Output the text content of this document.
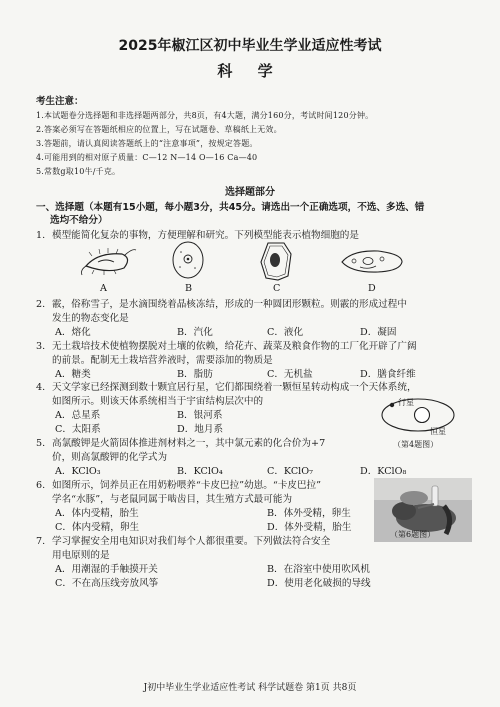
2025年椒江区初中毕业生学业适应性考试
科 学
考生注意：
1.本试题卷分选择题和非选择题两部分，共8页，有4大题，满分160分，考试时间120分钟。
2.答案必须写在答题纸相应的位置上，写在试题卷、草稿纸上无效。
3.答题前，请认真阅读答题纸上的“注意事项”，按规定答题。
4.可能用到的相对原子质量：C—12 N—14 O—16 Ca—40
5.常数g取10牛/千克。
选择题部分
一、选择题（本题有15小题，每小题3分，共45分。请选出一个正确选项，不选、多选、错
选均不给分）
1. 模型能简化复杂的事物，方便理解和研究。下列模型能表示植物细胞的是
A	B	C	D
2. 霰，俗称雪子，是水滴围绕着晶核冻结，形成的一种圆团形颗粒。则霰的形成过程中
发生的物态变化是
A．熔化	B．汽化	C．液化	D．凝固
3. 无土栽培技术使植物摆脱对土壤的依赖，给花卉、蔬菜及粮食作物的工厂化开辟了广阔
的前景。配制无土栽培营养液时，需要添加的物质是
A．糖类	B．脂肪	C．无机盐	D．膳食纤维
4. 天文学家已经探测到数十颗宜居行星，它们都围绕着一颗恒星转动构成一个天体系统，
如图所示。则该天体系统相当于宇宙结构层次中的
A．总星系	B．银河系
C．太阳系	D．地月系
行星
恒星
（第4题图）
5. 高氯酸钾是火箭固体推进剂材料之一，其中氯元素的化合价为+7
价，则高氯酸钾的化学式为
A．KClO₃	B．KClO₄	C．KClO₇	D．KClO₈
6. 如图所示，饲养员正在用奶粉喂养“卡皮巴拉”幼崽。“卡皮巴拉”
学名“水豚”，与老鼠同属于啮齿目，其生殖方式最可能为
A．体内受精，胎生	B．体外受精，卵生
C．体内受精，卵生	D．体外受精，胎生
（第6题图）
7. 学习掌握安全用电知识对我们每个人都很重要。下列做法符合安全
用电原则的是
A．用潮湿的手触摸开关	B．在浴室中使用吹风机
C．不在高压线旁放风筝	D．使用老化破损的导线
J初中毕业生学业适应性考试 科学试题卷 第1页 共8页
